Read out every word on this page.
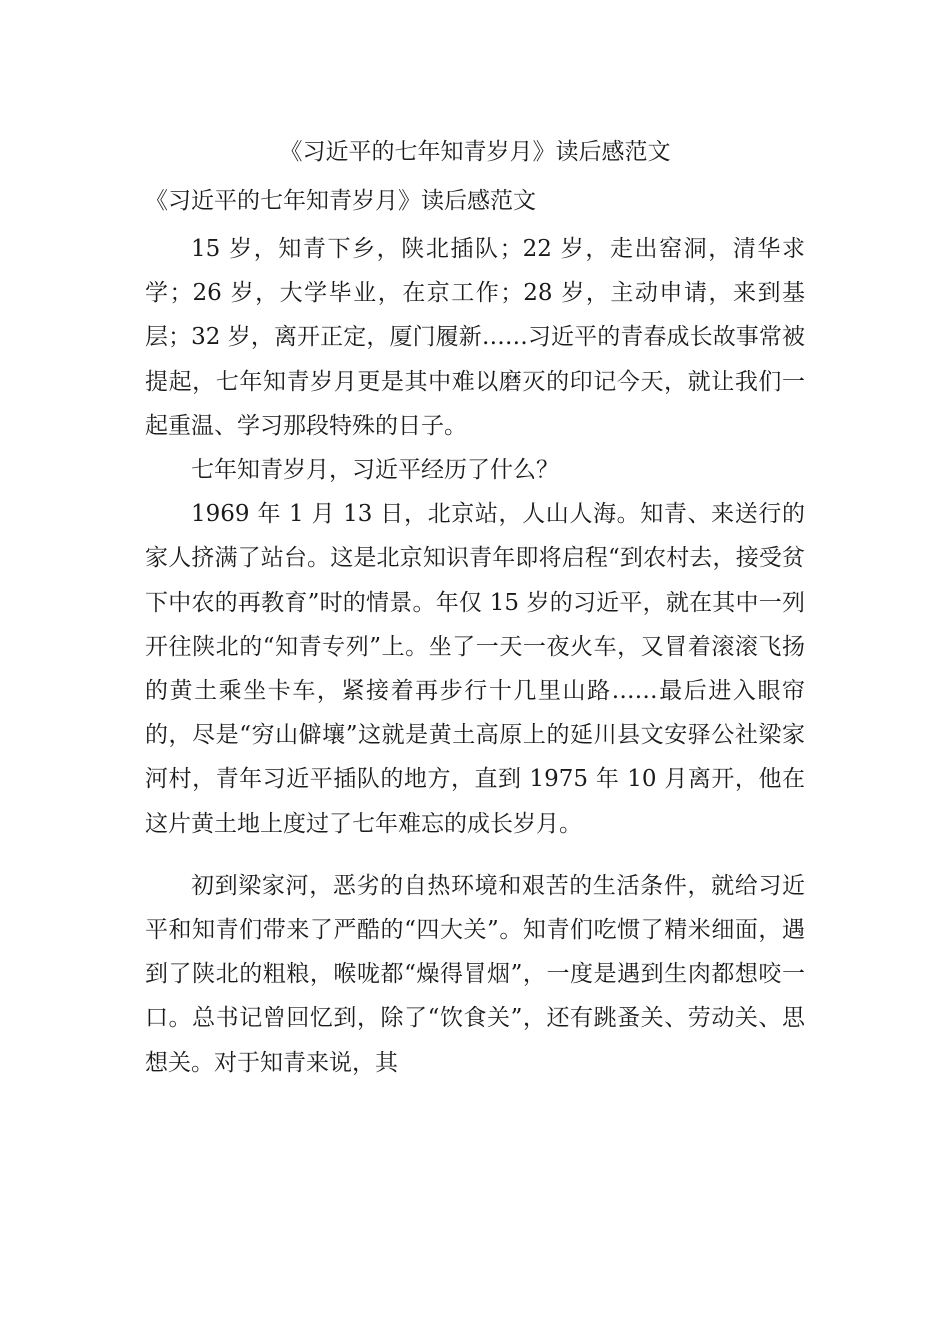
《习近平的七年知青岁月》读后感范文
《习近平的七年知青岁月》读后感范文

15 岁，知青下乡，陕北插队；22 岁，走出窑洞，清华求学；26 岁，大学毕业，在京工作；28 岁，主动申请，来到基层；32 岁，离开正定，厦门履新……习近平的青春成长故事常被提起，七年知青岁月更是其中难以磨灭的印记今天，就让我们一起重温、学习那段特殊的日子。

七年知青岁月，习近平经历了什么？

1969 年 1 月 13 日，北京站，人山人海。知青、来送行的家人挤满了站台。这是北京知识青年即将启程“到农村去，接受贫下中农的再教育”时的情景。年仅 15 岁的习近平，就在其中一列开往陕北的“知青专列”上。坐了一天一夜火车，又冒着滚滚飞扬的黄土乘坐卡车，紧接着再步行十几里山路……最后进入眼帘的，尽是“穷山僻壤”这就是黄土高原上的延川县文安驿公社梁家河村，青年习近平插队的地方，直到 1975 年 10 月离开，他在这片黄土地上度过了七年难忘的成长岁月。

初到梁家河，恶劣的自热环境和艰苦的生活条件，就给习近平和知青们带来了严酷的“四大关”。知青们吃惯了精米细面，遇到了陕北的粗粮，喉咙都“燥得冒烟”，一度是遇到生肉都想咬一口。总书记曾回忆到，除了“饮食关”，还有跳蚤关、劳动关、思想关。对于知青来说，其
